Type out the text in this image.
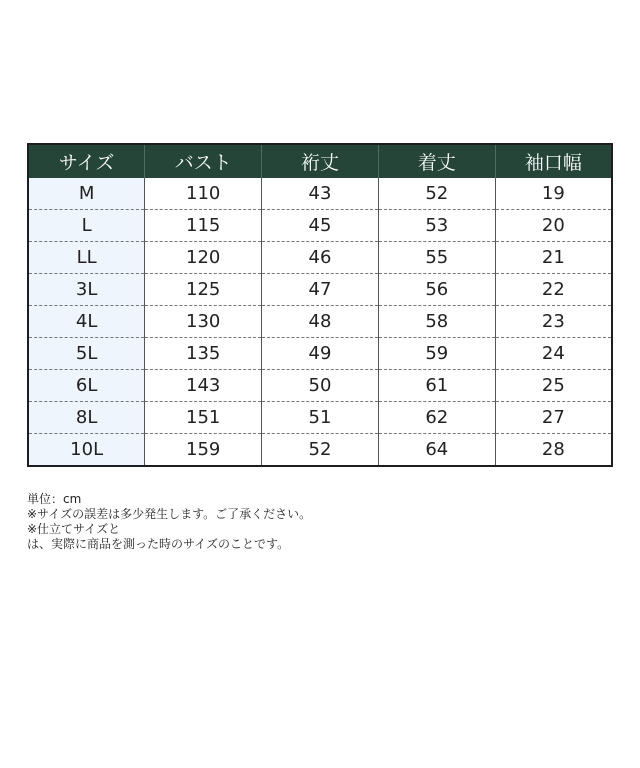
サイズ	バスト	裄丈	着丈	袖口幅
M	110	43	52	19
L	115	45	53	20
LL	120	46	55	21
3L	125	47	56	22
4L	130	48	58	23
5L	135	49	59	24
6L	143	50	61	25
8L	151	51	62	27
10L	159	52	64	28
単位：cm
※サイズの誤差は多少発生します。ご了承ください。
※仕立てサイズと
は、実際に商品を測った時のサイズのことです。
